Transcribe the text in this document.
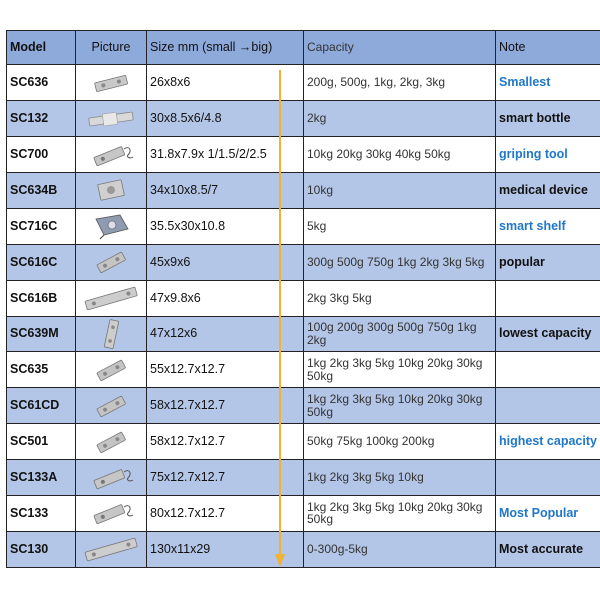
Model	Picture	Size mm (small →big)	Capacity	Note
SC636		26x8x6	200g, 500g, 1kg, 2kg, 3kg	Smallest
SC132		30x8.5x6/4.8	2kg	smart bottle
SC700		31.8x7.9x 1/1.5/2/2.5	10kg 20kg 30kg 40kg 50kg	griping tool
SC634B		34x10x8.5/7	10kg	medical device
SC716C		35.5x30x10.8	5kg	smart shelf
SC616C		45x9x6	300g 500g 750g 1kg 2kg 3kg 5kg	popular
SC616B		47x9.8x6	2kg 3kg 5kg	
SC639M		47x12x6	100g 200g 300g 500g 750g 1kg 2kg	lowest capacity
SC635		55x12.7x12.7	1kg 2kg 3kg 5kg 10kg 20kg 30kg 50kg	
SC61CD		58x12.7x12.7	1kg 2kg 3kg 5kg 10kg 20kg 30kg 50kg	
SC501		58x12.7x12.7	50kg 75kg 100kg 200kg	highest capacity
SC133A		75x12.7x12.7	1kg 2kg 3kg 5kg 10kg	
SC133		80x12.7x12.7	1kg 2kg 3kg 5kg 10kg 20kg 30kg 50kg	Most Popular
SC130		130x11x29	0-300g-5kg	Most accurate
